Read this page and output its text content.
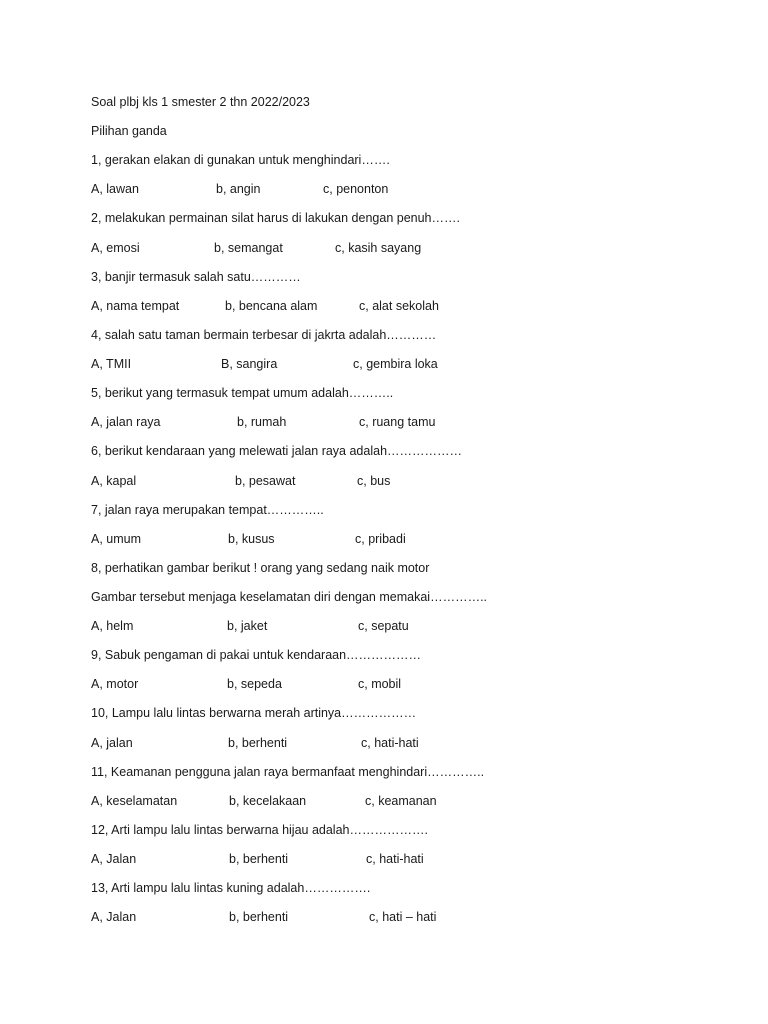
Soal plbj kls 1 smester 2 thn 2022/2023
Pilihan ganda
1, gerakan elakan di gunakan untuk menghindari…….
A, lawan	b, angin	c, penonton
2, melakukan permainan silat harus di lakukan dengan penuh…….
A, emosi	b, semangat	c, kasih sayang
3, banjir termasuk salah satu…………
A, nama tempat	b, bencana alam	c, alat sekolah
4, salah satu taman bermain terbesar di jakrta adalah…………
A, TMII	B, sangira	c, gembira loka
5, berikut yang termasuk tempat umum adalah………..
A, jalan raya	b, rumah	c, ruang tamu
6, berikut kendaraan yang melewati jalan raya adalah………………
A, kapal	b, pesawat	c, bus
7, jalan raya merupakan tempat…………..
A, umum	b, kusus	c, pribadi
8, perhatikan gambar berikut ! orang yang sedang naik motor
Gambar tersebut menjaga keselamatan diri dengan memakai…………..
A, helm	b, jaket	c, sepatu
9, Sabuk pengaman di pakai untuk kendaraan………………
A, motor	b, sepeda	c, mobil
10, Lampu lalu lintas berwarna merah artinya………………
A, jalan	b, berhenti	c, hati-hati
11, Keamanan pengguna jalan raya bermanfaat menghindari…………..
A, keselamatan	b, kecelakaan	c, keamanan
12, Arti lampu lalu lintas berwarna hijau adalah……………….
A, Jalan	b, berhenti	c, hati-hati
13, Arti lampu lalu lintas kuning adalah…………….
A, Jalan	b, berhenti	c, hati – hati
